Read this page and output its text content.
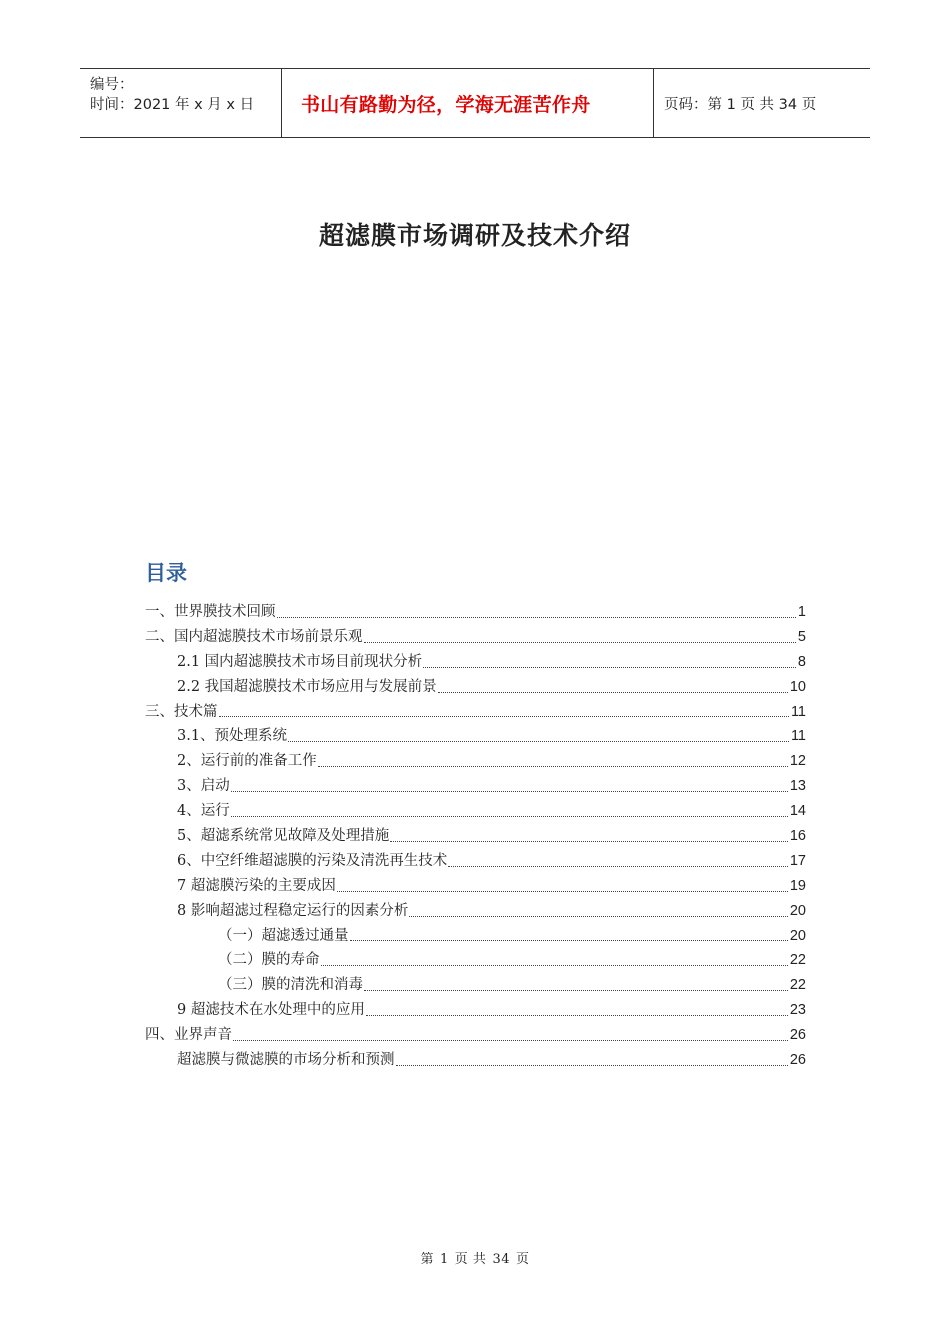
编号：
时间：2021 年 x 月 x 日	书山有路勤为径，学海无涯苦作舟	页码：第 1 页 共 34 页
超滤膜市场调研及技术介绍
目录
一、世界膜技术回顾	1
二、国内超滤膜技术市场前景乐观	5
2.1 国内超滤膜技术市场目前现状分析	8
2.2 我国超滤膜技术市场应用与发展前景	10
三、技术篇	11
3.1、预处理系统	11
2、运行前的准备工作	12
3、启动	13
4、运行	14
5、超滤系统常见故障及处理措施	16
6、中空纤维超滤膜的污染及清洗再生技术	17
7 超滤膜污染的主要成因	19
8 影响超滤过程稳定运行的因素分析	20
（一）超滤透过通量	20
（二）膜的寿命	22
（三）膜的清洗和消毒	22
9 超滤技术在水处理中的应用	23
四、业界声音	26
超滤膜与微滤膜的市场分析和预测	26
第 1 页 共 34 页
